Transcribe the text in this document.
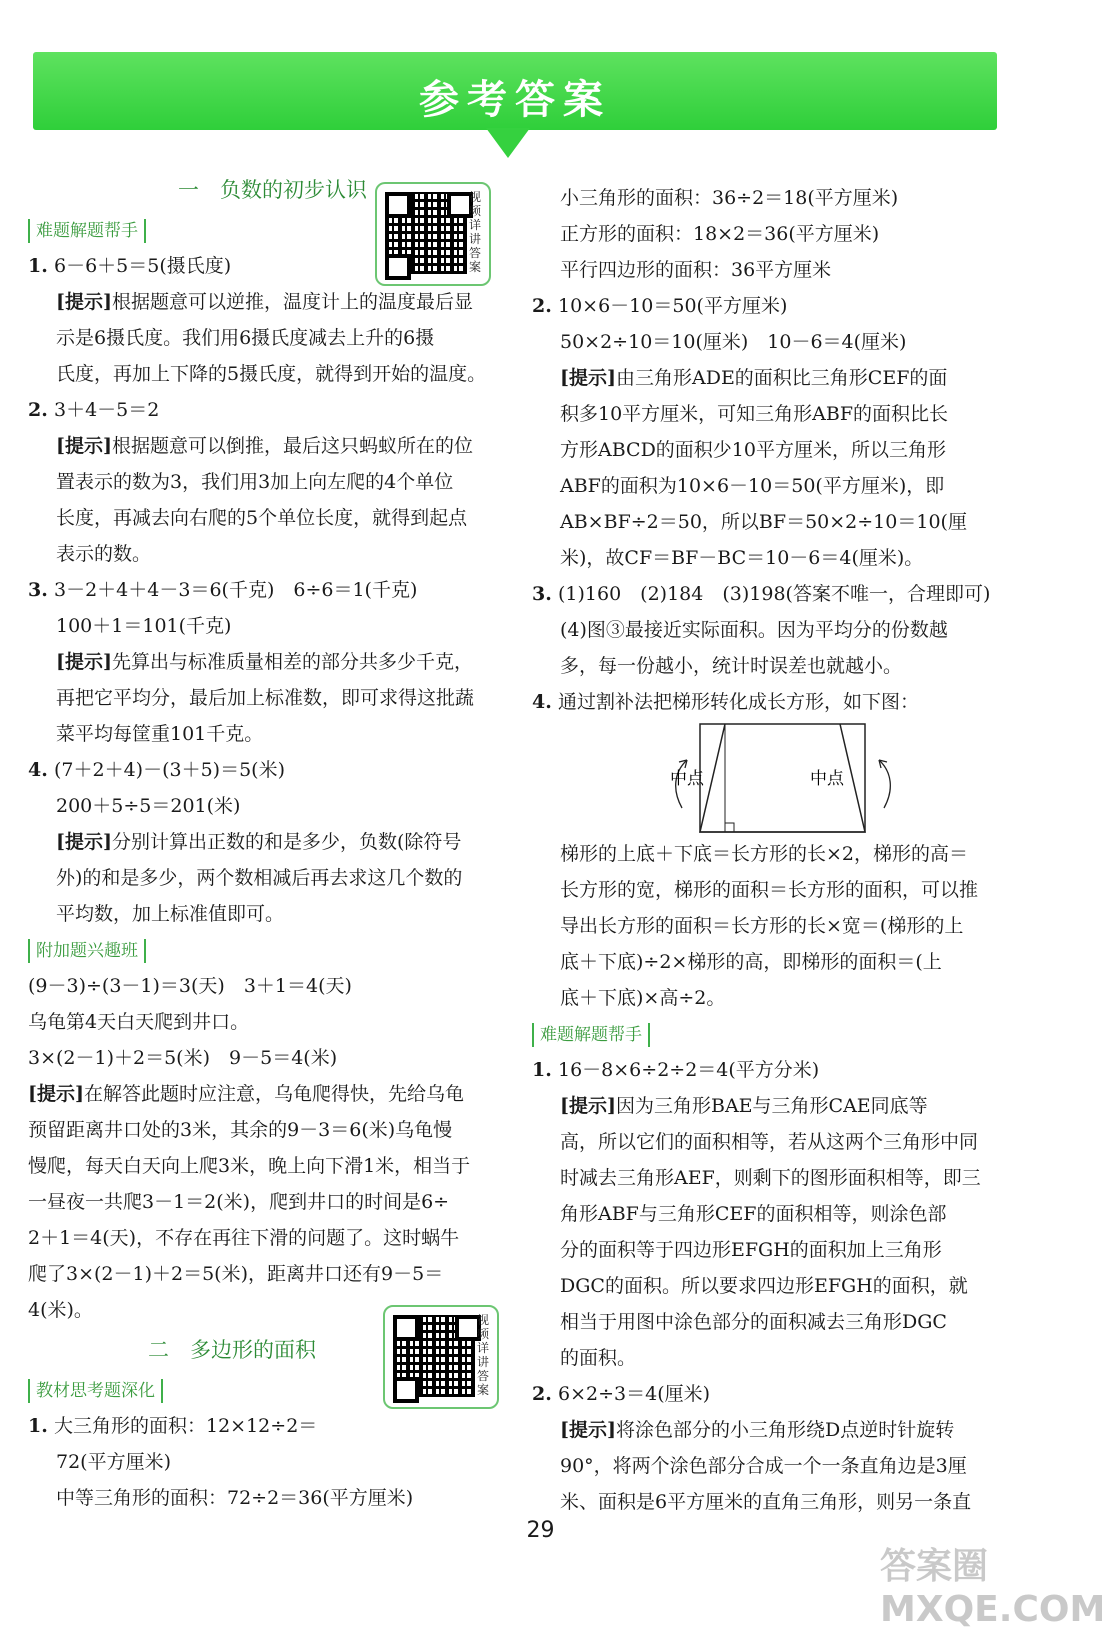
参考答案
视频详讲答案
视频详讲答案
一　负数的初步认识
难题解题帮手
1. 6－6＋5＝5(摄氏度)
[提示]根据题意可以逆推，温度计上的温度最后显
示是6摄氏度。我们用6摄氏度减去上升的6摄
氏度，再加上下降的5摄氏度，就得到开始的温度。
2. 3＋4－5＝2
[提示]根据题意可以倒推，最后这只蚂蚁所在的位
置表示的数为3，我们用3加上向左爬的4个单位
长度，再减去向右爬的5个单位长度，就得到起点
表示的数。
3. 3－2＋4＋4－3＝6(千克)　6÷6＝1(千克)
100＋1＝101(千克)
[提示]先算出与标准质量相差的部分共多少千克，
再把它平均分，最后加上标准数，即可求得这批蔬
菜平均每筐重101千克。
4. (7＋2＋4)－(3＋5)＝5(米)
200＋5÷5＝201(米)
[提示]分别计算出正数的和是多少，负数(除符号
外)的和是多少，两个数相减后再去求这几个数的
平均数，加上标准值即可。
附加题兴趣班
(9－3)÷(3－1)＝3(天)　3＋1＝4(天)
乌龟第4天白天爬到井口。
3×(2－1)＋2＝5(米)　9－5＝4(米)
[提示]在解答此题时应注意，乌龟爬得快，先给乌龟
预留距离井口处的3米，其余的9－3＝6(米)乌龟慢
慢爬，每天白天向上爬3米，晚上向下滑1米，相当于
一昼夜一共爬3－1＝2(米)，爬到井口的时间是6÷
2＋1＝4(天)，不存在再往下滑的问题了。这时蜗牛
爬了3×(2－1)＋2＝5(米)，距离井口还有9－5＝
4(米)。
二　多边形的面积
教材思考题深化
1. 大三角形的面积：12×12÷2＝
72(平方厘米)
中等三角形的面积：72÷2＝36(平方厘米)
小三角形的面积：36÷2＝18(平方厘米)
正方形的面积：18×2＝36(平方厘米)
平行四边形的面积：36平方厘米
2. 10×6－10＝50(平方厘米)
50×2÷10＝10(厘米)　10－6＝4(厘米)
[提示]由三角形ADE的面积比三角形CEF的面
积多10平方厘米，可知三角形ABF的面积比长
方形ABCD的面积少10平方厘米，所以三角形
ABF的面积为10×6－10＝50(平方厘米)，即
AB×BF÷2＝50，所以BF＝50×2÷10＝10(厘
米)，故CF＝BF－BC＝10－6＝4(厘米)。
3. (1)160　(2)184　(3)198(答案不唯一，合理即可)
(4)图③最接近实际面积。因为平均分的份数越
多，每一份越小，统计时误差也就越小。
4. 通过割补法把梯形转化成长方形，如下图：
中点	中点
梯形的上底＋下底＝长方形的长×2，梯形的高＝
长方形的宽，梯形的面积＝长方形的面积，可以推
导出长方形的面积＝长方形的长×宽＝(梯形的上
底＋下底)÷2×梯形的高，即梯形的面积＝(上
底＋下底)×高÷2。
难题解题帮手
1. 16－8×6÷2÷2＝4(平方分米)
[提示]因为三角形BAE与三角形CAE同底等
高，所以它们的面积相等，若从这两个三角形中同
时减去三角形AEF，则剩下的图形面积相等，即三
角形ABF与三角形CEF的面积相等，则涂色部
分的面积等于四边形EFGH的面积加上三角形
DGC的面积。所以要求四边形EFGH的面积，就
相当于用图中涂色部分的面积减去三角形DGC
的面积。
2. 6×2÷3＝4(厘米)
[提示]将涂色部分的小三角形绕D点逆时针旋转
90°，将两个涂色部分合成一个一条直角边是3厘
米、面积是6平方厘米的直角三角形，则另一条直
29
答案圈 MXQE.COM
